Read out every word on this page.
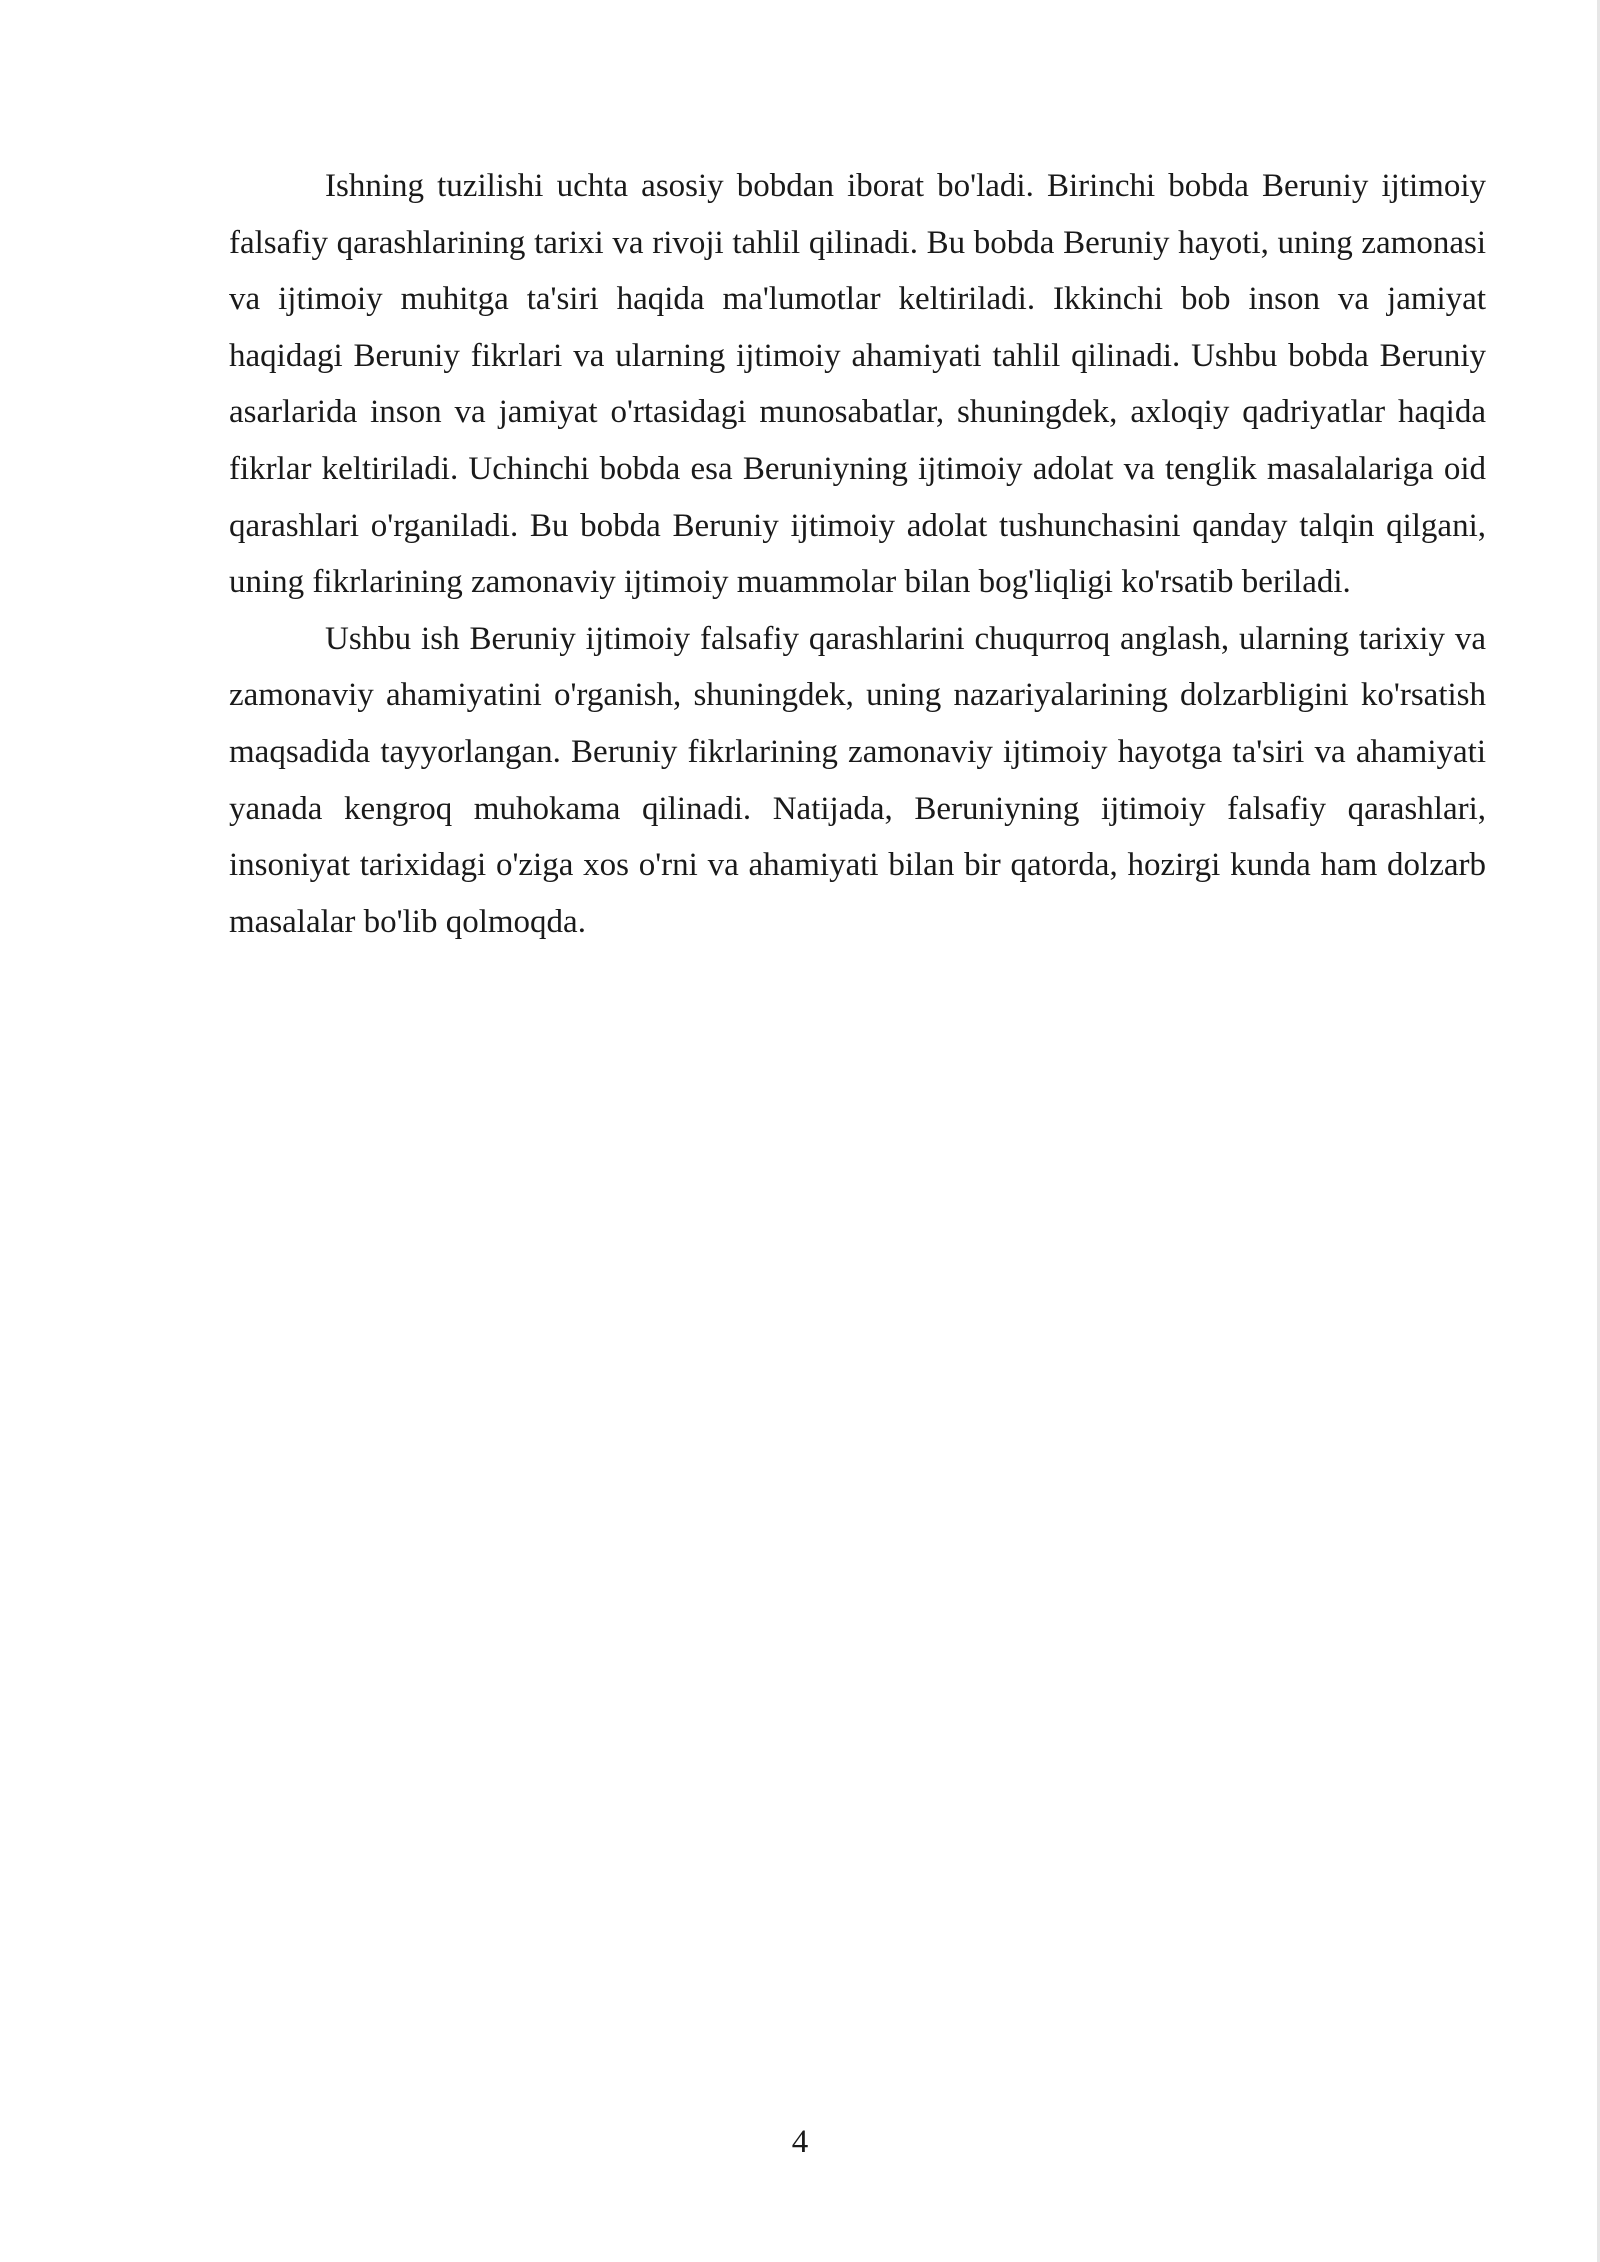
Ishning tuzilishi uchta asosiy bobdan iborat bo'ladi. Birinchi bobda Beruniy ijtimoiy falsafiy qarashlarining tarixi va rivoji tahlil qilinadi. Bu bobda Beruniy hayoti, uning zamonasi va ijtimoiy muhitga ta'siri haqida ma'lumotlar keltiriladi. Ikkinchi bob inson va jamiyat haqidagi Beruniy fikrlari va ularning ijtimoiy ahamiyati tahlil qilinadi. Ushbu bobda Beruniy asarlarida inson va jamiyat o'rtasidagi munosabatlar, shuningdek, axloqiy qadriyatlar haqida fikrlar keltiriladi. Uchinchi bobda esa Beruniyning ijtimoiy adolat va tenglik masalalariga oid qarashlari o'rganiladi. Bu bobda Beruniy ijtimoiy adolat tushunchasini qanday talqin qilgani, uning fikrlarining zamonaviy ijtimoiy muammolar bilan bog'liqligi ko'rsatib beriladi.

Ushbu ish Beruniy ijtimoiy falsafiy qarashlarini chuqurroq anglash, ularning tarixiy va zamonaviy ahamiyatini o'rganish, shuningdek, uning nazariyalarining dolzarbligini ko'rsatish maqsadida tayyorlangan. Beruniy fikrlarining zamonaviy ijtimoiy hayotga ta'siri va ahamiyati yanada kengroq muhokama qilinadi. Natijada, Beruniyning ijtimoiy falsafiy qarashlari, insoniyat tarixidagi o'ziga xos o'rni va ahamiyati bilan bir qatorda, hozirgi kunda ham dolzarb masalalar bo'lib qolmoqda.

4
